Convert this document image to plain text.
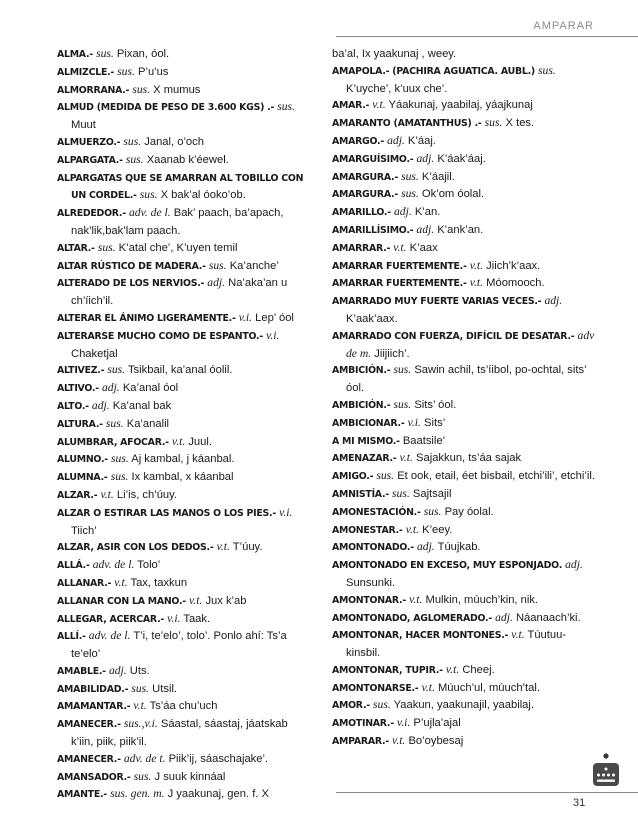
AMPARAR
ALMA.- sus. Pixan, óol.
ALMIZCLE.- sus. P’u’us
ALMORRANA.- sus. X mumus
ALMUD (MEDIDA DE PESO DE 3.600 KGS) .- sus. Muut
ALMUERZO.- sus. Janal, o’och
ALPARGATA.- sus. Xaanab k’éewel.
ALPARGATAS QUE SE AMARRAN AL TOBILLO CON UN CORDEL.- sus. X bak’al óoko’ob.
ALREDEDOR.- adv. de l. Bak’ paach, ba’apach, nak’lik,bak’lam paach.
ALTAR.- sus. K’atal che’, K’uyen temil
ALTAR RÚSTICO DE MADERA.- sus. Ka’anche’
ALTERADO DE LOS NERVIOS.- adj. Na’aka’an u ch’íich’il.
ALTERAR EL ÁNIMO LIGERAMENTE.- v.i. Lep’ óol
ALTERARSE MUCHO COMO DE ESPANTO.- v.i. Chaketjal
ALTIVEZ.- sus. Tsikbail, ka’anal óolil.
ALTIVO.- adj. Ka’anal óol
ALTO.- adj. Ka’anal bak
ALTURA.- sus. Ka’analil
ALUMBRAR, AFOCAR.- v.t. Juul.
ALUMNO.- sus. Aj kambal, j káanbal.
ALUMNA.- sus. Ix kambal, x káanbal
ALZAR.- v.t. Li’is, ch’úuy.
ALZAR O ESTIRAR LAS MANOS O LOS PIES.- v.i. Tiich’
ALZAR, ASIR CON LOS DEDOS.- v.t. T’úuy.
ALLÁ.- adv. de l. Tolo’
ALLANAR.- v.t. Tax, taxkun
ALLANAR CON LA MANO.- v.t. Jux k’ab
ALLEGAR, ACERCAR.- v.i. Taak.
ALLÍ.- adv. de l. T’i, te’elo’, tolo’. Ponlo ahí: Ts’a te’elo’
AMABLE.- adj. Uts.
AMABILIDAD.- sus. Utsil.
AMAMANTAR.- v.t. Ts’áa chu’uch
AMANECER.- sus.,v.i. Sáastal, sáastaj, jáatskab k’iin, piik, piik’il.
AMANECER.- adv. de t. Piik’ij, sáaschajake’.
AMANSADOR.- sus. J suuk kinnáal
AMANTE.- sus. gen. m. J yaakunaj, gen. f. X
ba’al, Ix yaakunaj , weey.
AMAPOLA.- (PACHIRA AGUATICA. AUBL.) sus. K’uyche’, k’uux che’.
AMAR.- v.t. Yáakunaj, yaabilaj, yáajkunaj
AMARANTO (AMATANTHUS) .- sus. X tes.
AMARGO.- adj. K’áaj.
AMARGUÍSIMO.- adj. K’áak’áaj.
AMARGURA.- sus. K’áajil.
AMARGURA.- sus. Ok’om óolal.
AMARILLO.- adj. K’an.
AMARILLÍSIMO.- adj. K’ank’an.
AMARRAR.- v.t. K’aax
AMARRAR FUERTEMENTE.- v.t. Jiich’k’aax.
AMARRAR FUERTEMENTE.- v.t. Móomooch.
AMARRADO MUY FUERTE VARIAS VECES.- adj. K’aak’aax.
AMARRADO CON FUERZA, DIFÍCIL DE DESATAR.- adv de m. Jiijiich’.
AMBICIÓN.- sus. Sawin achil, ts’íibol, po-ochtal, sits’ óol.
AMBICIÓN.- sus. Sits’ óol.
AMBICIONAR.- v.i. Sits’
A MI MISMO.- Baatsile’
AMENAZAR.- v.t. Sajakkun, ts’áa sajak
AMIGO.- sus. Et ook, etail, éet bisbail, etchi’ili’, etchi’il.
AMNISTÍA.- sus. Sajtsajil
AMONESTACIÓN.- sus. Pay óolal.
AMONESTAR.- v.t. K’eey.
AMONTONADO.- adj. Túujkab.
AMONTONADO EN EXCESO, MUY ESPONJADO. adj. Sunsunki.
AMONTONAR.- v.t. Mulkin, múuch’kin, nik.
AMONTONADO, AGLOMERADO.- adj. Náanaach’ki.
AMONTONAR, HACER MONTONES.- v.t. Túutuu-kinsbil.
AMONTONAR, TUPIR.- v.t. Cheej.
AMONTONARSE.- v.t. Múuch’ul, múuch’tal.
AMOR.- sus. Yaakun, yaakunajil, yaabilaj.
AMOTINAR.- v.i. P’ujla’ajal
AMPARAR.- v.t. Bo’oybesaj
31
